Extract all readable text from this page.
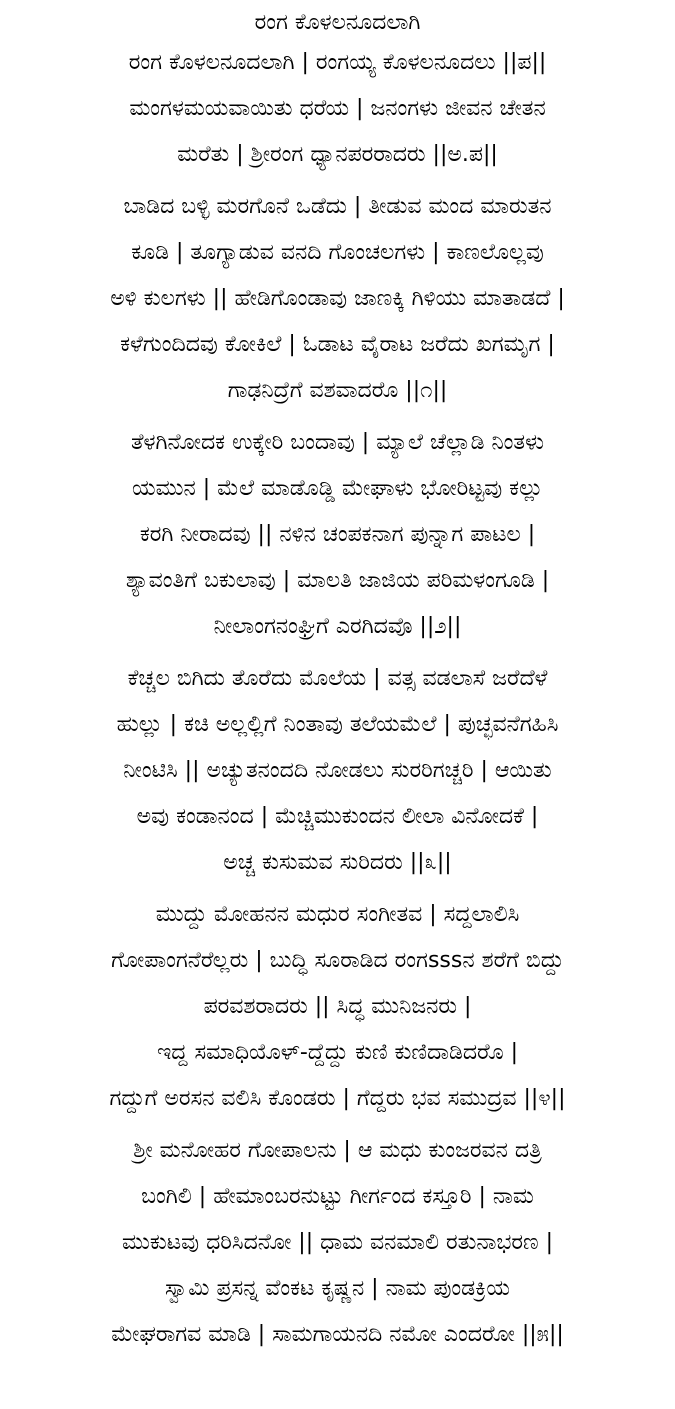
ರಂಗ ಕೊಳಲನೂದಲಾಗಿ
ರಂಗ ಕೊಳಲನೂದಲಾಗಿ | ರಂಗಯ್ಯ ಕೊಳಲನೂದಲು ||ಪ||
ಮಂಗಳಮಯವಾಯಿತು ಧರೆಯ | ಜನಂಗಳು ಜೀವನ ಚೇತನ
ಮರೆತು | ಶ್ರೀರಂಗ ಧ್ಯಾನಪರರಾದರು ||ಅ.ಪ||
ಬಾಡಿದ ಬಳ್ಳಿ ಮರಗೊನೆ ಒಡೆದು | ತೀಡುವ ಮಂದ ಮಾರುತನ
ಕೂಡಿ | ತೂಗ್ಯಾಡುವ ವನದಿ ಗೊಂಚಲಗಳು | ಕಾಣಲೊಲ್ಲವು
ಅಳಿ ಕುಲಗಳು || ಹೇಡಿಗೊಂಡಾವು ಜಾಣಕ್ಕಿ ಗಿಳಿಯು ಮಾತಾಡದೆ |
ಕಳೆಗುಂದಿದವು ಕೋಕಿಲೆ | ಓಡಾಟ ವೈರಾಟ ಜರೆದು ಖಗಮೃಗ |
ಗಾಢನಿದ್ರೆಗೆ ವಶವಾದರೊ ||೧||
ತೆಳಗಿನೋದಕ ಉಕ್ಕೇರಿ ಬಂದಾವು | ಮ್ಯಾಲೆ ಚೆಲ್ಲಾಡಿ ನಿಂತಳು
ಯಮುನ | ಮೆಲೆ ಮಾಡೊಡ್ಡಿ ಮೇಘಾಳು ಭೋರಿಟ್ಟವು ಕಲ್ಲು
ಕರಗಿ ನೀರಾದವು || ನಳಿನ ಚಂಪಕನಾಗ ಪುನ್ನಾಗ ಪಾಟಲ |
ಶ್ಯಾವಂತಿಗೆ ಬಕುಲಾವು | ಮಾಲತಿ ಜಾಜಿಯ ಪರಿಮಳಂಗೂಡಿ |
ನೀಲಾಂಗನಂಘ್ರಿಗೆ ಎರಗಿದವೊ ||೨||
ಕೆಚ್ಚಲ ಬಿಗಿದು ತೊರೆದು ಮೊಲೆಯ | ವತ್ಸ ವಡಲಾಸೆ ಜರೆದೆಳೆ
ಹುಲ್ಲು | ಕಚಿ ಅಲ್ಲಲ್ಲಿಗೆ ನಿಂತಾವು ತಲೆಯಮೆಲೆ | ಪುಚ್ಛವನೆಗಹಿಸಿ
ನೀಂಟಿಸಿ || ಅಚ್ಯುತನಂದದಿ ನೋಡಲು ಸುರರಿಗಚ್ಚರಿ | ಆಯಿತು
ಅವು ಕಂಡಾನಂದ | ಮೆಚ್ಚಿಮುಕುಂದನ ಲೀಲಾ ವಿನೋದಕೆ |
ಅಚ್ಚ ಕುಸುಮವ ಸುರಿದರು ||೩||
ಮುದ್ದು ಮೋಹನನ ಮಧುರ ಸಂಗೀತವ | ಸದ್ದಲಾಲಿಸಿ
ಗೋಪಾಂಗನೆರೆಲ್ಲರು | ಬುದ್ಧಿ ಸೂರಾಡಿದ ರಂಗsssನ ಶರೆಗೆ ಬಿದ್ದು
ಪರವಶರಾದರು || ಸಿದ್ಧ ಮುನಿಜನರು |
ಇದ್ದ ಸಮಾಧಿಯೊಳ್-ದ್ದೆದ್ದು ಕುಣಿ ಕುಣಿದಾಡಿದರೊ |
ಗದ್ದುಗೆ ಅರಸನ ವಲಿಸಿ ಕೊಂಡರು | ಗೆದ್ದರು ಭವ ಸಮುದ್ರವ ||೪||
ಶ್ರೀ ಮನೋಹರ ಗೋಪಾಲನು | ಆ ಮಧು ಕುಂಜರವನ ದತ್ರಿ
ಬಂಗಿಲಿ | ಹೇಮಾಂಬರನುಟ್ಟು ಗೀರ್ಗಂದ ಕಸ್ತೂರಿ | ನಾಮ
ಮುಕುಟವು ಧರಿಸಿದನೋ || ಧಾಮ ವನಮಾಲಿ ರತುನಾಭರಣ |
ಸ್ವಾಮಿ ಪ್ರಸನ್ನ ವೆಂಕಟ ಕೃಷ್ಣನ | ನಾಮ ಪುಂಡಕ್ರಿಯ
ಮೇಘರಾಗವ ಮಾಡಿ | ಸಾಮಗಾಯನದಿ ನಮೋ ಎಂದರೋ ||೫||
